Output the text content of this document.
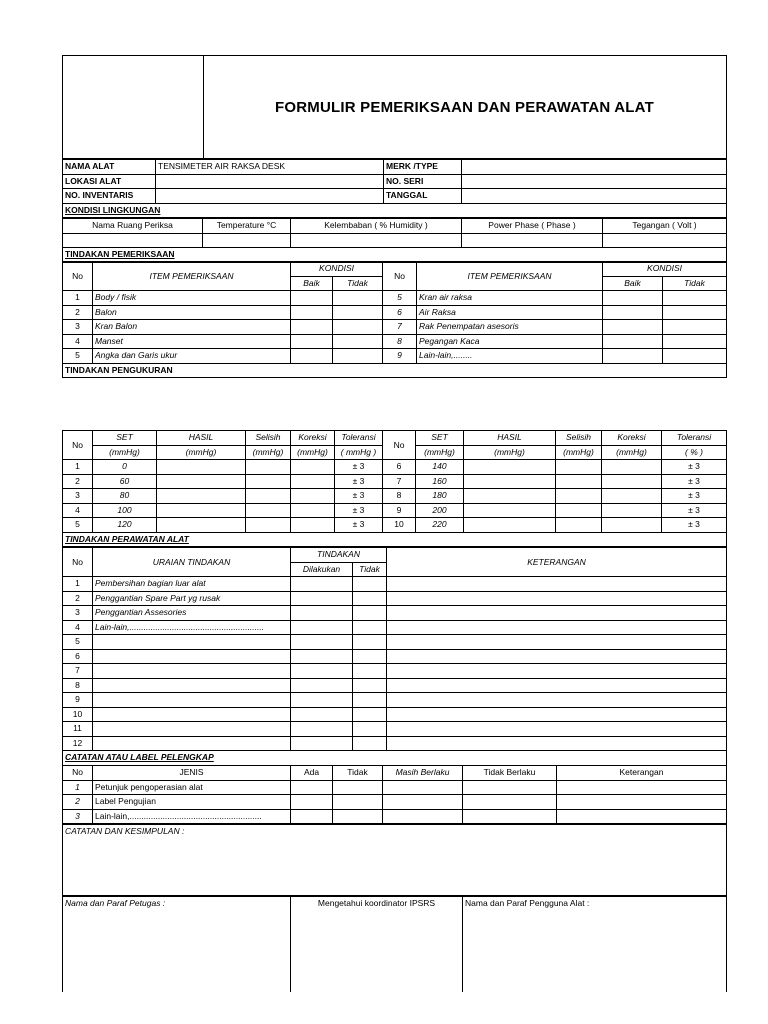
FORMULIR PEMERIKSAAN DAN PERAWATAN ALAT
NAMA ALAT	TENSIMETER AIR RAKSA DESK	MERK /TYPE	
LOKASI ALAT		NO. SERI	
NO. INVENTARIS		TANGGAL	
KONDISI LINGKUNGAN			
Nama Ruang Periksa	Temperature °C	Kelembaban ( % Humidity )	Power Phase ( Phase )	Tegangan ( Volt )

TINDAKAN PEMERIKSAAN				
No	ITEM PEMERIKSAAN	KONDISI		No	ITEM PEMERIKSAAN	KONDISI	
		Baik	Tidak			Baik	Tidak
1	Body / fisik			5	Kran air raksa		
2	Balon			6	Air Raksa		
3	Kran Balon			7	Rak Penempatan asesoris		
4	Manset			8	Pegangan Kaca		
5	Angka dan Garis ukur			9	Lain-lain,........		
TINDAKAN PENGUKURAN							
No	SET	HASIL	Selisih	Koreksi	Toleransi	No	SET	HASIL	Selisih	Koreksi	Toleransi
	(mmHg)	(mmHg)	(mmHg)	(mmHg)	( mmHg )		(mmHg)	(mmHg)	(mmHg)	(mmHg)	( % )
1	0				± 3	6	140				± 3
2	60				± 3	7	160				± 3
3	80				± 3	8	180				± 3
4	100				± 3	9	200				± 3
5	120				± 3	10	220				± 3
TINDAKAN PERAWATAN ALAT											
No	URAIAN TINDAKAN	TINDAKAN		KETERANGAN
		Dilakukan	Tidak	
1	Pembersihan bagian luar alat			
2	Penggantian Spare Part yg rusak			
3	Penggantian Assesories			
4	Lain-lain,.........................................................			
5				
6				
7				
8				
9				
10				
11				
12				
CATATAN ATAU LABEL PELENGKAP				
No	JENIS	Ada	Tidak	Masih Berlaku	Tidak Berlaku	Keterangan
1	Petunjuk pengoperasian alat					
2	Label Pengujian					
3	Lain-lain,........................................................					
CATATAN DAN KESIMPULAN :
Nama dan Paraf Petugas :	Mengetahui koordinator IPSRS	Nama dan Paraf Pengguna Alat :
